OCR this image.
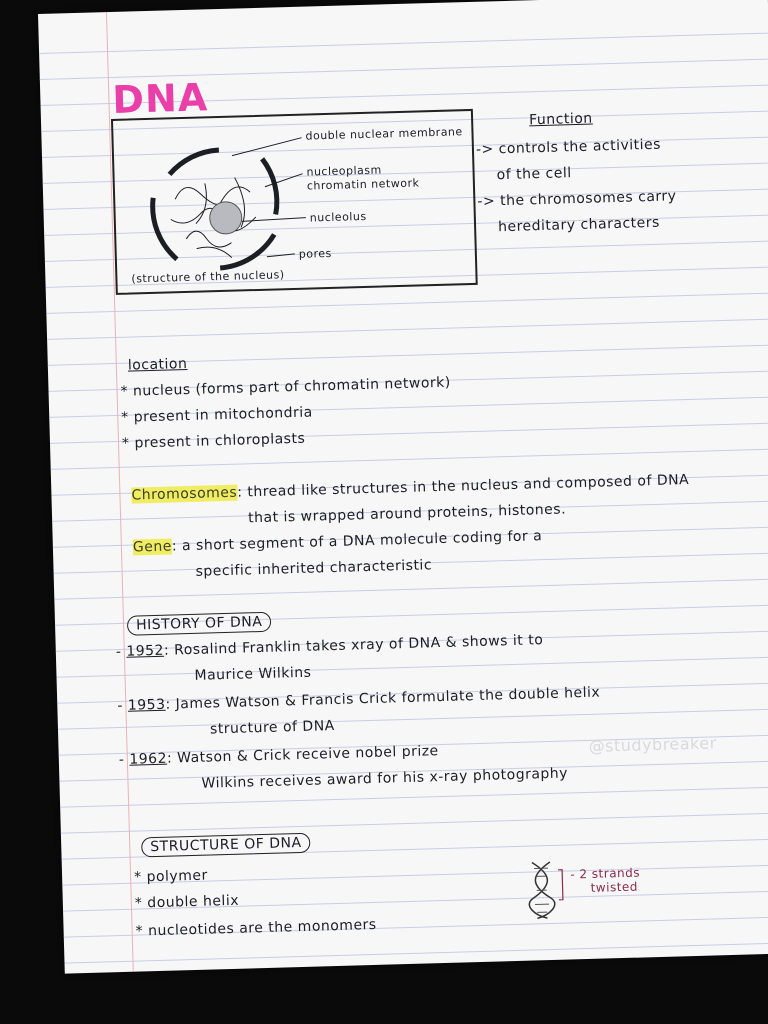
DNA
double nuclear membrane
nucleoplasm
chromatin network
nucleolus
pores
(structure of the nucleus)
Function
-> controls the activities
of the cell
-> the chromosomes carry
hereditary characters
location
* nucleus (forms part of chromatin network)
* present in mitochondria
* present in chloroplasts
Chromosomes: thread like structures in the nucleus and composed of DNA
that is wrapped around proteins, histones.
Gene: a short segment of a DNA molecule coding for a
specific inherited characteristic
HISTORY OF DNA
- 1952: Rosalind Franklin takes xray of DNA & shows it to
Maurice Wilkins
- 1953: James Watson & Francis Crick formulate the double helix
structure of DNA
- 1962: Watson & Crick receive nobel prize
Wilkins receives award for his x-ray photography
@studybreaker
STRUCTURE OF DNA
* polymer
* double helix
* nucleotides are the monomers
- 2 strands
twisted
